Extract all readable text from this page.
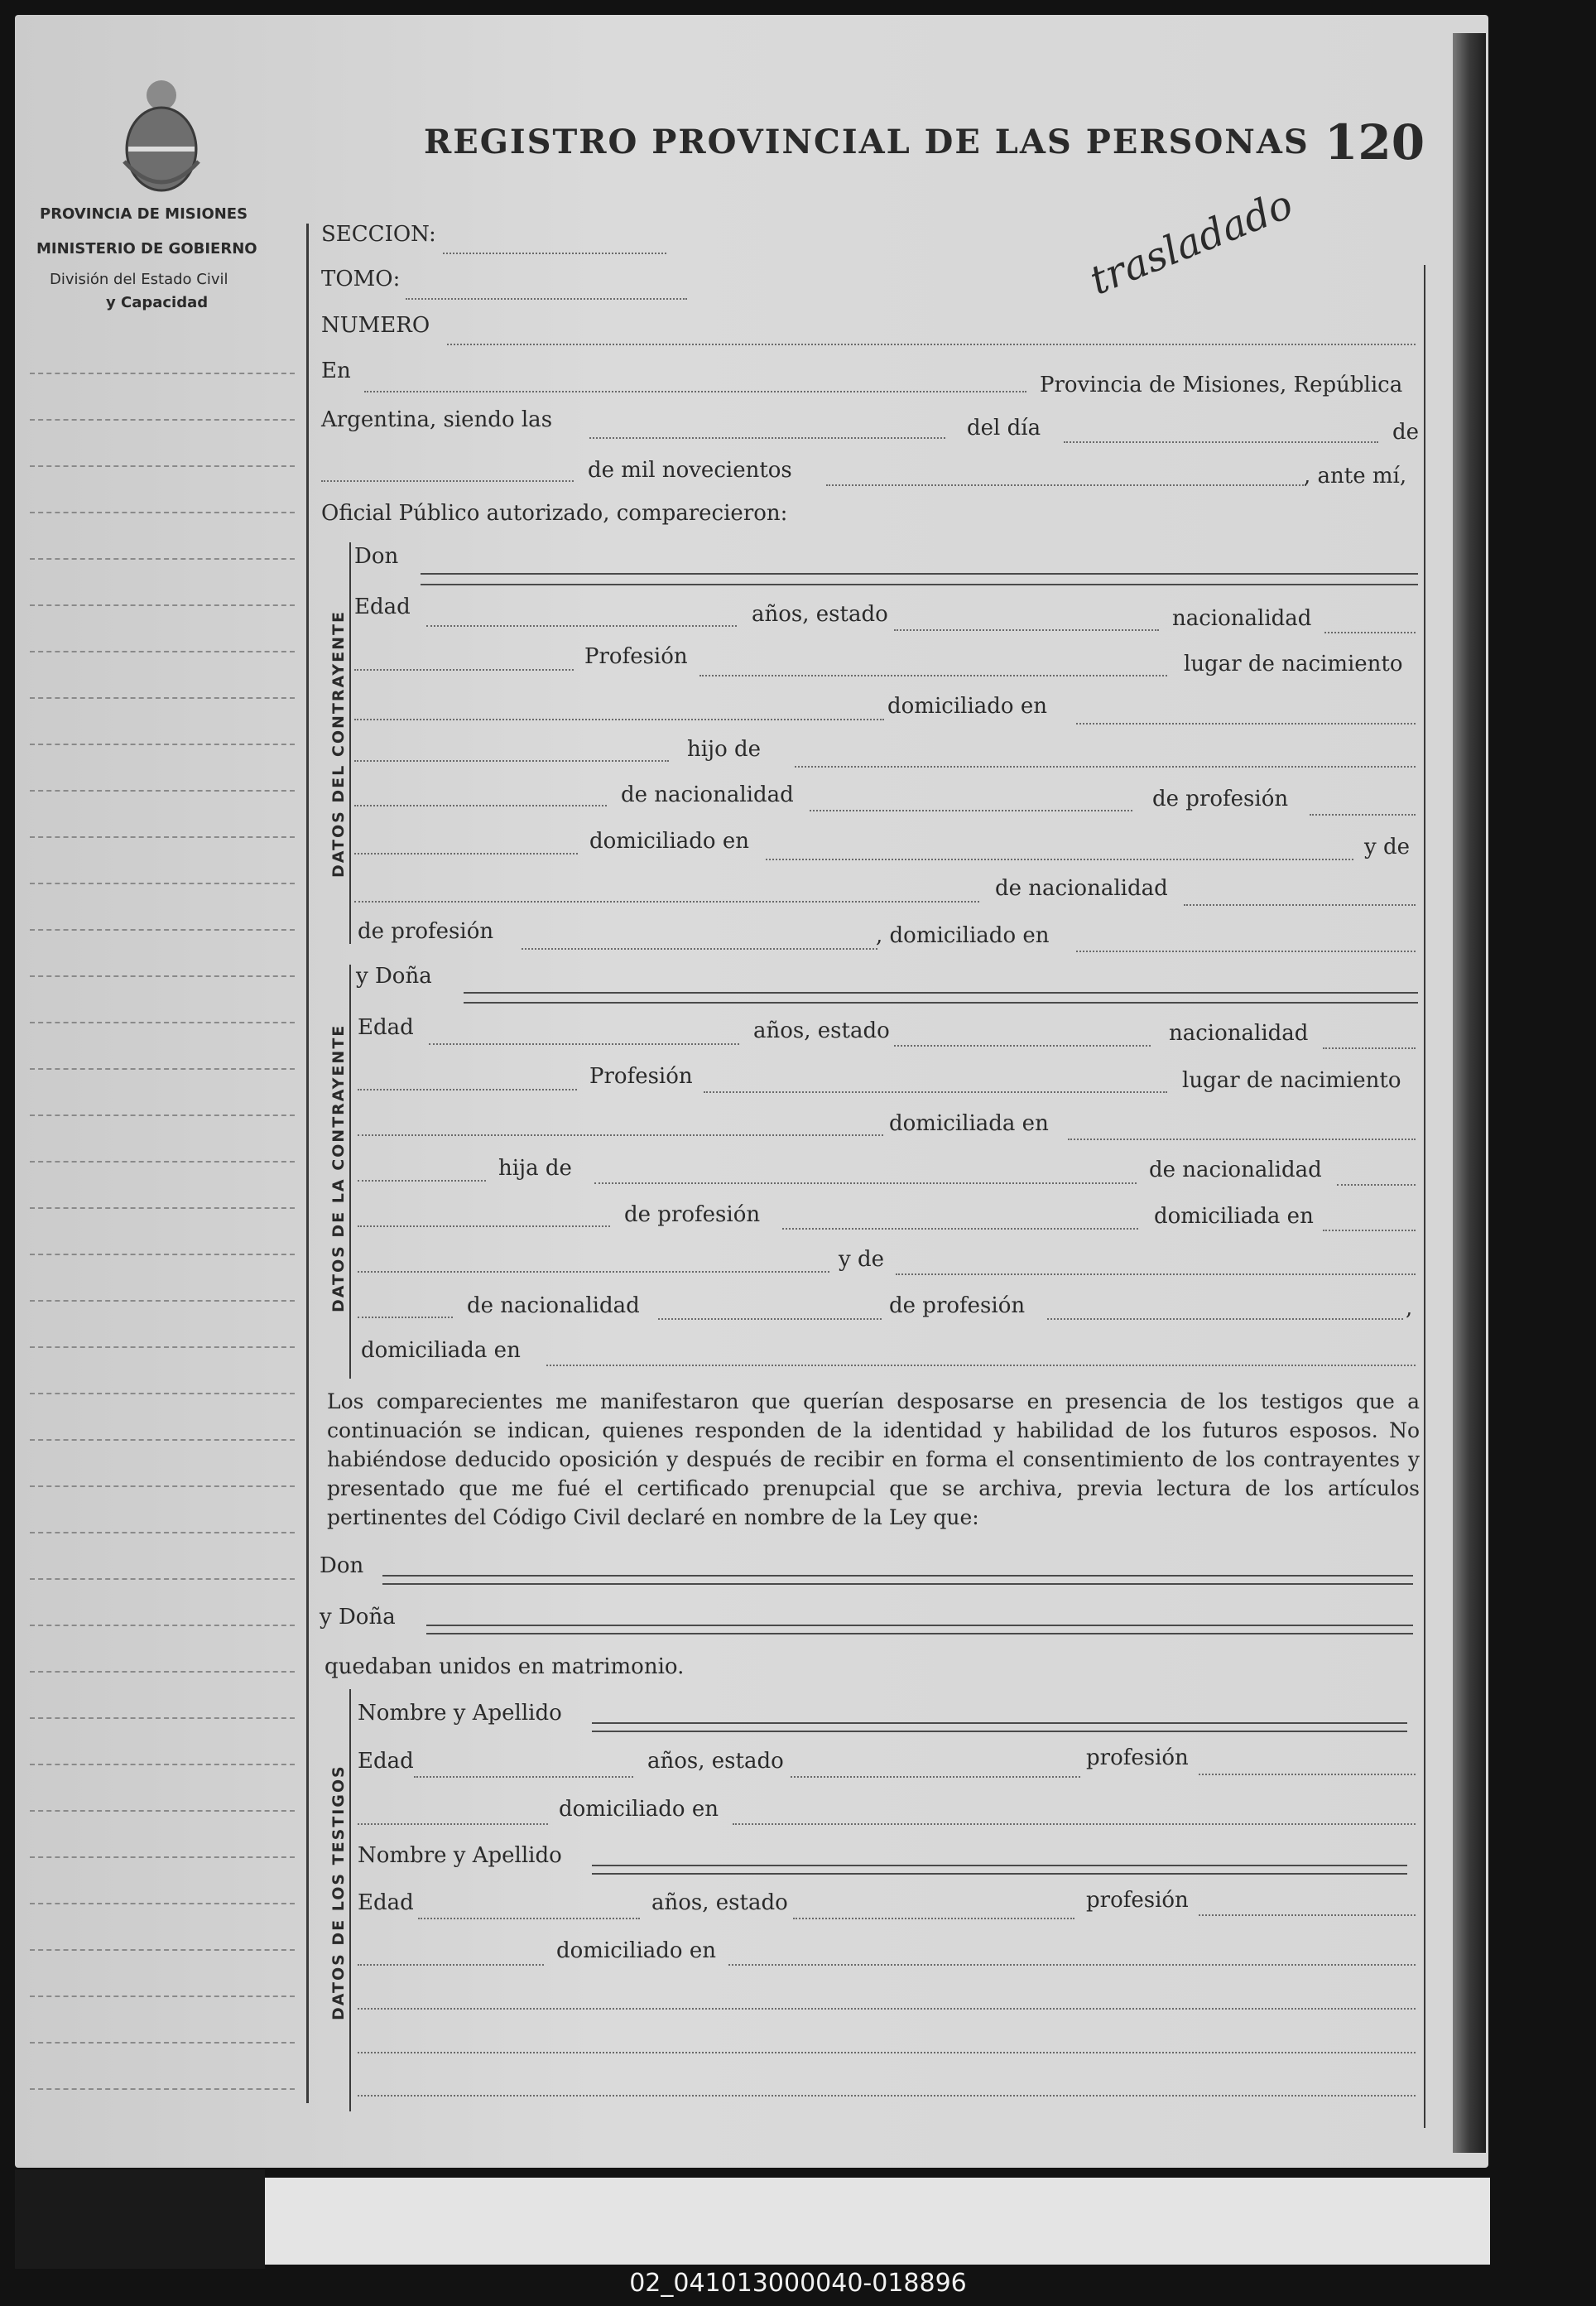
PROVINCIA DE MISIONES
MINISTERIO DE GOBIERNO
División del Estado Civil
y Capacidad
REGISTRO PROVINCIAL DE LAS PERSONAS 120
trasladado
SECCION:
TOMO:
NUMERO
En
Provincia de Misiones, República
Argentina, siendo las	del día	de
de mil novecientos	, ante mí,
Oficial Público autorizado, comparecieron:
DATOS DEL CONTRAYENTE
Don
Edad	años, estado	nacionalidad
Profesión	lugar de nacimiento
domiciliado en
hijo de
de nacionalidad	de profesión
domiciliado en	y de
de nacionalidad
de profesión	, domiciliado en
DATOS DE LA CONTRAYENTE
y Doña
Edad	años, estado	nacionalidad
Profesión	lugar de nacimiento
domiciliada en
hija de	de nacionalidad
de profesión	domiciliada en
y de
de nacionalidad	de profesión	,
domiciliada en
Los comparecientes me manifestaron que querían desposarse en presencia de los testigos que a continuación se indican, quienes responden de la identidad y habilidad de los futuros esposos. No habiéndose deducido oposición y después de recibir en forma el consentimiento de los contrayentes y presentado que me fué el certificado prenupcial que se archiva, previa lectura de los artículos pertinentes del Código Civil declaré en nombre de la Ley que:
Don
y Doña
quedaban unidos en matrimonio.
DATOS DE LOS TESTIGOS
Nombre y Apellido
Edad	años, estado	profesión
domiciliado en
Nombre y Apellido
Edad	años, estado	profesión
domiciliado en
02_041013000040-018896
